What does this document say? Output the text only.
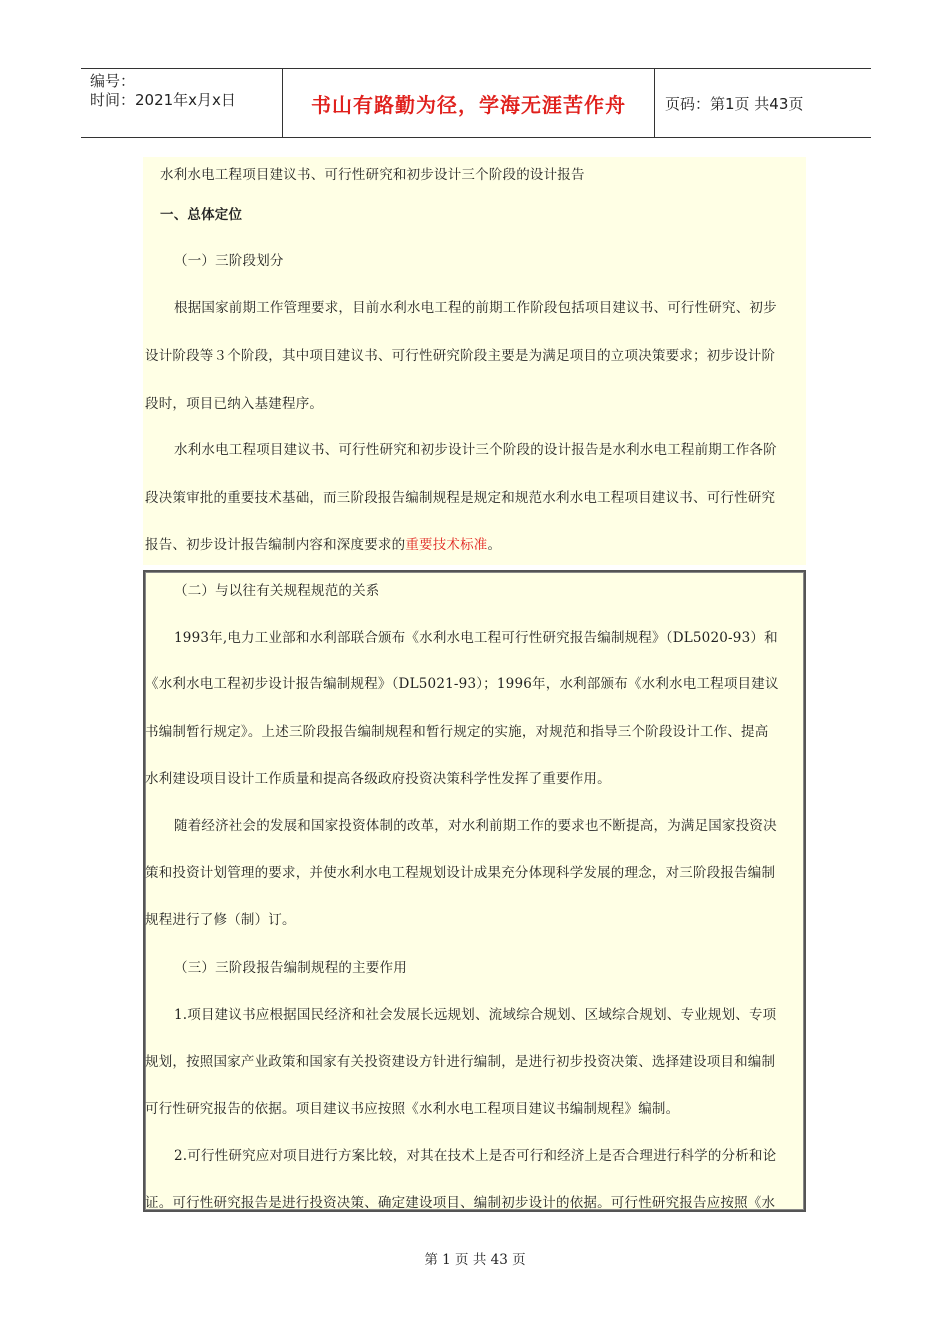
编号：
时间：2021年x月x日	书山有路勤为径，学海无涯苦作舟	页码：第1页 共43页
水利水电工程项目建议书、可行性研究和初步设计三个阶段的设计报告
一、总体定位
（一）三阶段划分
根据国家前期工作管理要求，目前水利水电工程的前期工作阶段包括项目建议书、可行性研究、初步
设计阶段等３个阶段，其中项目建议书、可行性研究阶段主要是为满足项目的立项决策要求；初步设计阶
段时，项目已纳入基建程序。
水利水电工程项目建议书、可行性研究和初步设计三个阶段的设计报告是水利水电工程前期工作各阶
段决策审批的重要技术基础，而三阶段报告编制规程是规定和规范水利水电工程项目建议书、可行性研究
报告、初步设计报告编制内容和深度要求的重要技术标准。
（二）与以往有关规程规范的关系
1993年,电力工业部和水利部联合颁布《水利水电工程可行性研究报告编制规程》（DL5020-93）和
《水利水电工程初步设计报告编制规程》（DL5021-93）；1996年，水利部颁布《水利水电工程项目建议
书编制暂行规定》。上述三阶段报告编制规程和暂行规定的实施，对规范和指导三个阶段设计工作、提高
水利建设项目设计工作质量和提高各级政府投资决策科学性发挥了重要作用。
随着经济社会的发展和国家投资体制的改革，对水利前期工作的要求也不断提高，为满足国家投资决
策和投资计划管理的要求，并使水利水电工程规划设计成果充分体现科学发展的理念，对三阶段报告编制
规程进行了修（制）订。
（三）三阶段报告编制规程的主要作用
1.项目建议书应根据国民经济和社会发展长远规划、流域综合规划、区域综合规划、专业规划、专项
规划，按照国家产业政策和国家有关投资建设方针进行编制，是进行初步投资决策、选择建设项目和编制
可行性研究报告的依据。项目建议书应按照《水利水电工程项目建议书编制规程》编制。
2.可行性研究应对项目进行方案比较，对其在技术上是否可行和经济上是否合理进行科学的分析和论
证。可行性研究报告是进行投资决策、确定建设项目、编制初步设计的依据。可行性研究报告应按照《水
第 1 页 共 43 页
